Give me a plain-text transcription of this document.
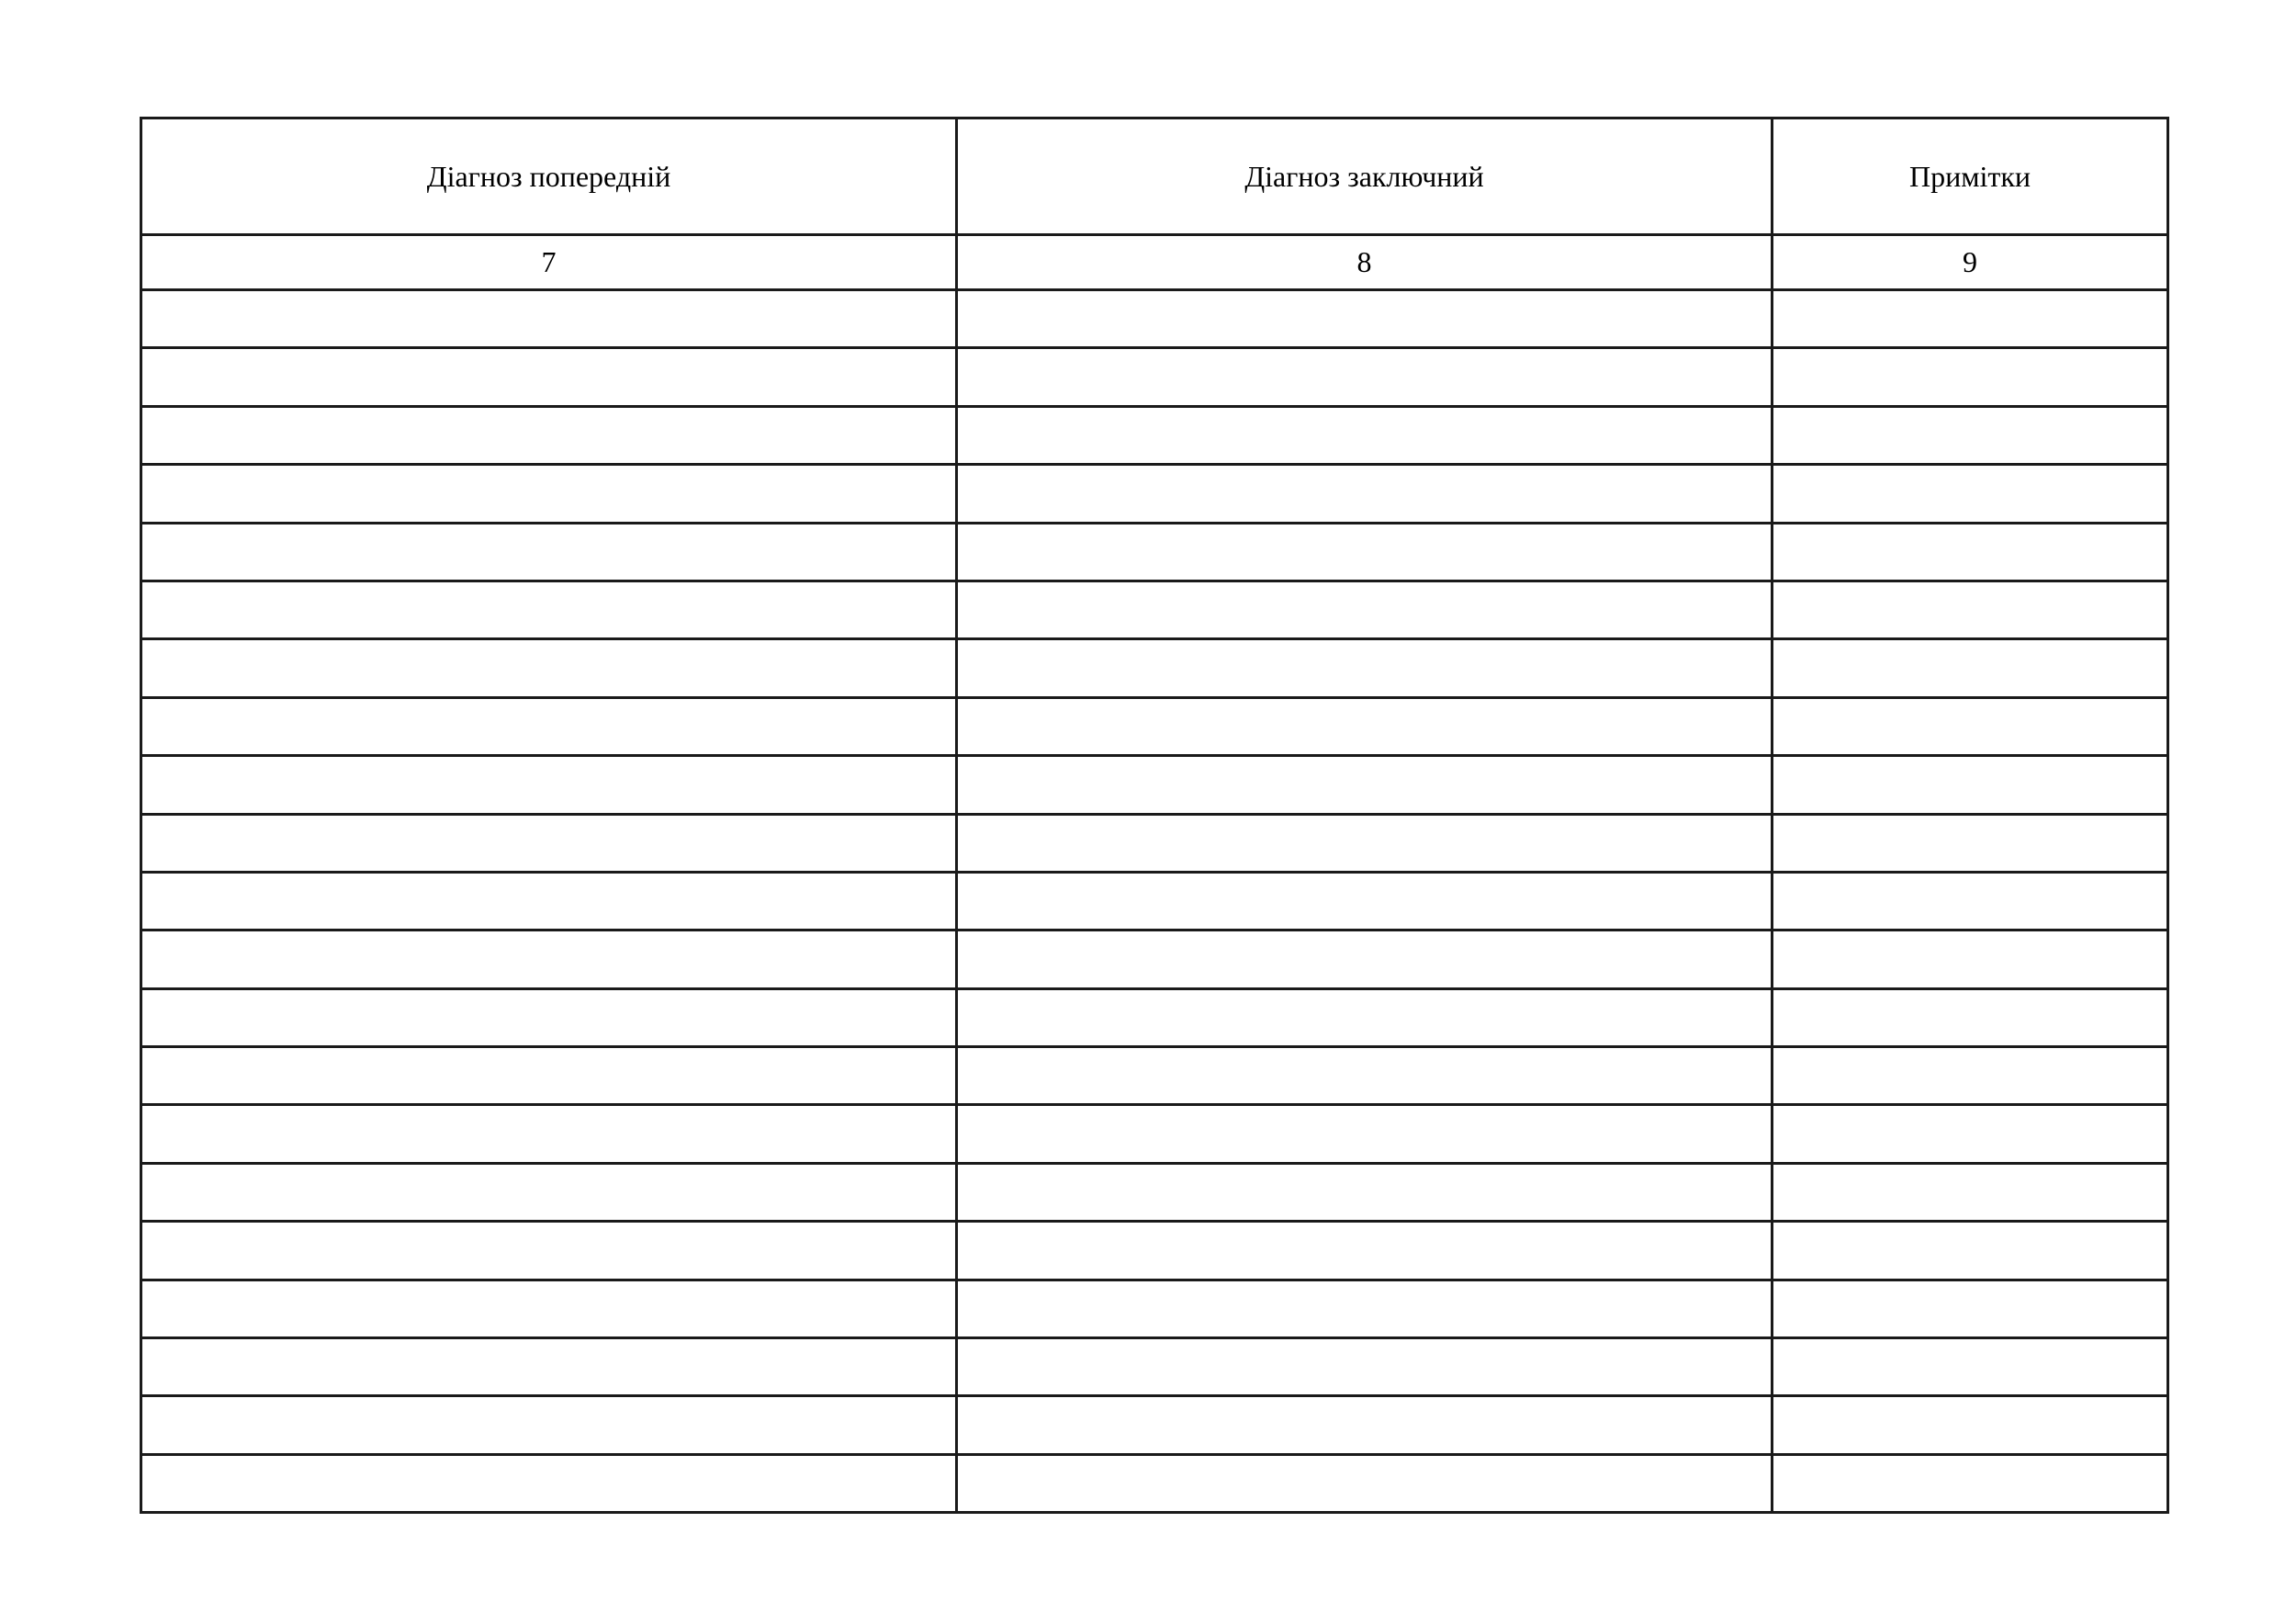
Діагноз попередній	Діагноз заключний	Примітки
7	8	9
